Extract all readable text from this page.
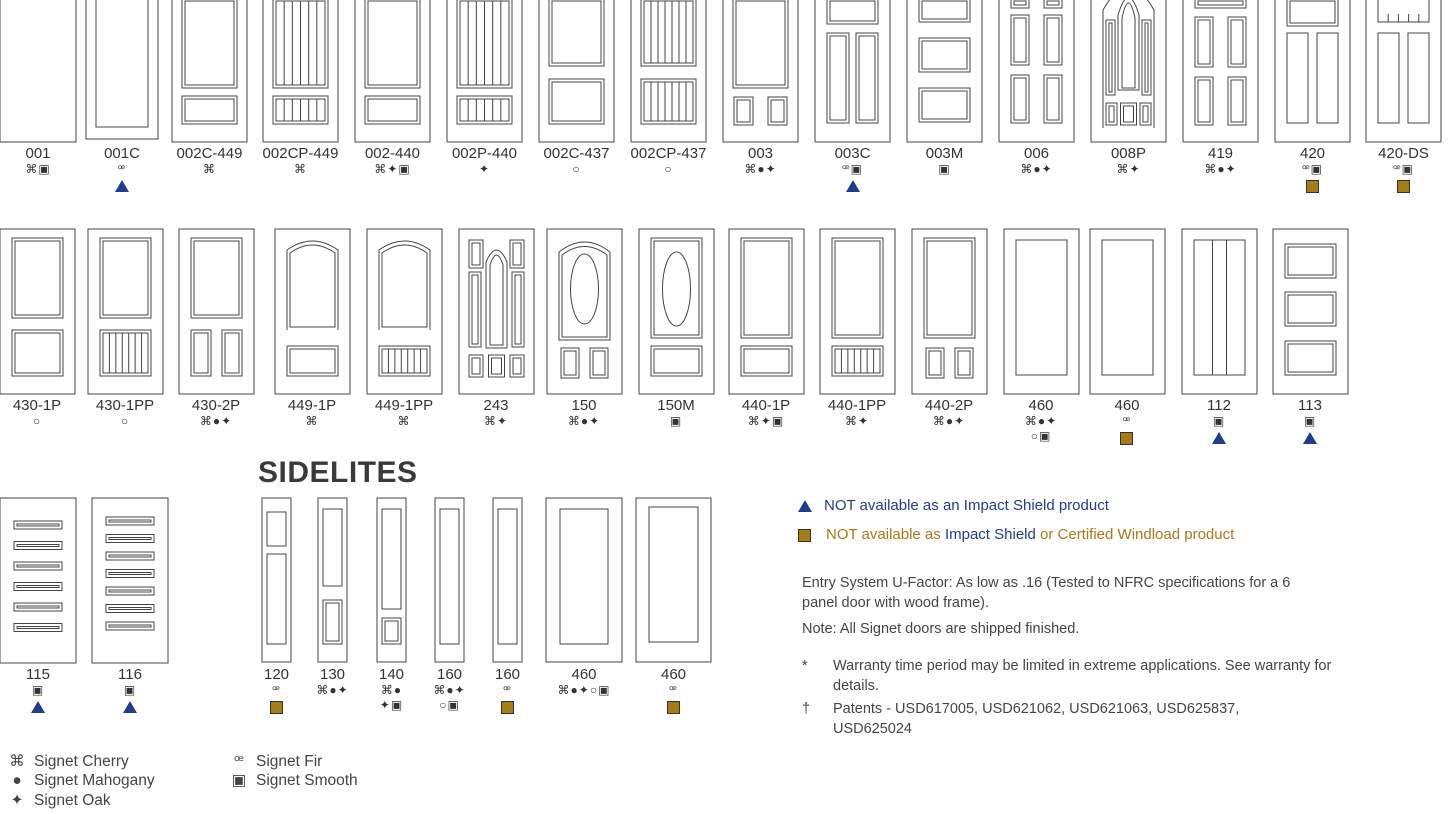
001
⌘▣
001C
ꟹ
002C-449
⌘
002CP-449
⌘
002-440
⌘✦▣
002P-440
✦
002C-437
○
002CP-437
○
003
⌘●✦
003C
ꟹ▣
003M
▣
006
⌘●✦
008P
⌘✦
419
⌘●✦
420
ꟹ▣
420-DS
ꟹ▣
430-1P
○
430-1PP
○
430-2P
⌘●✦
449-1P
⌘
449-1PP
⌘
243
⌘✦
150
⌘●✦
150M
▣
440-1P
⌘✦▣
440-1PP
⌘✦
440-2P
⌘●✦
460
⌘●✦
○▣
460
ꟹ
112
▣
113
▣
115
▣
116
▣
120
ꟹ
130
⌘●✦
140
⌘●
✦▣
160
⌘●✦
○▣
160
ꟹ
460
⌘●✦○▣
460
ꟹ
SIDELITES
NOT available as an Impact Shield product
NOT available as Impact Shield or Certified Windload product
Entry System U-Factor: As low as .16 (Tested to NFRC specifications for a 6 panel door with wood frame).
Note: All Signet doors are shipped finished.
* Warranty time period may be limited in extreme applications. See warranty for details.
† Patents - USD617005, USD621062, USD621063, USD625837, USD625024
⌘ Signet Cherry
● Signet Mahogany
✦ Signet Oak
ꟹ Signet Fir
▣ Signet Smooth
